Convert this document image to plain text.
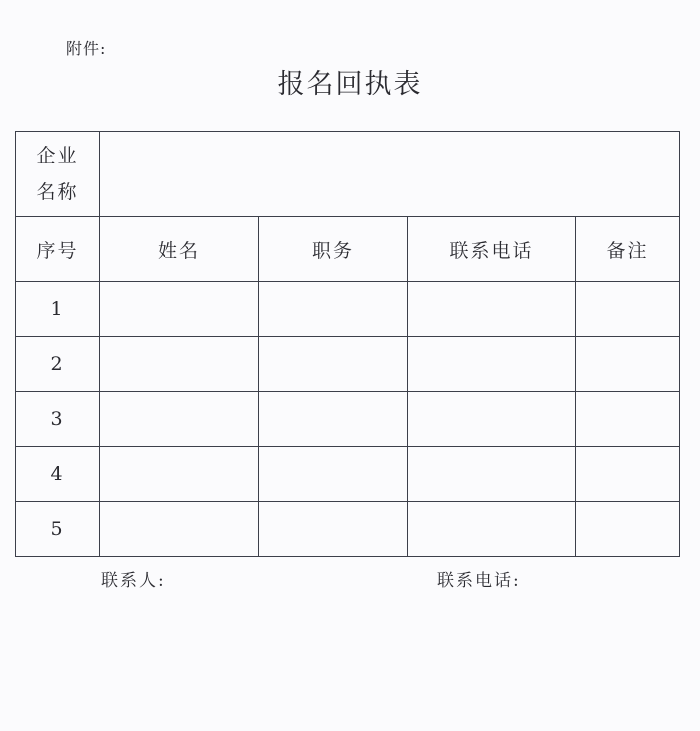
附件:
报名回执表
企业
名称				

序号	姓名	职务	联系电话	备注
1				
2				
3				
4				
5				
联系人:	联系电话:
